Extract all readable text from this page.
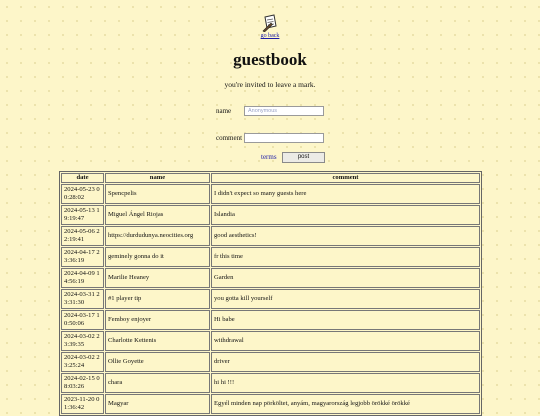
go back
guestbook
you're invited to leave a mark.
name	Anonymous
comment
terms	post
date	name	comment
2024-05-23 00:28:02	Spencpelis	I didn't expect so many guests here
2024-05-13 19:19:47	Miguel Ángel Riojas	Islandia
2024-05-06 22:19:41	https://durdudunya.neocities.org	good aesthetics!
2024-04-17 23:36:19	geminely gonna do it	fr this time
2024-04-09 14:56:19	Marilie Heaney	Garden
2024-03-31 23:31:30	#1 player tip	you gotta kill yourself
2024-03-17 10:50:06	Femboy enjoyer	Hi babe
2024-03-02 23:39:35	Charlotte Kettenis	withdrawal
2024-03-02 23:25:24	Ollie Goyette	driver
2024-02-15 08:03:26	chara	hi hi !!!
2023-11-20 01:36:42	Magyar	Egyél minden nap pörköltet, anyám, magyarország legjobb örökké örökké
